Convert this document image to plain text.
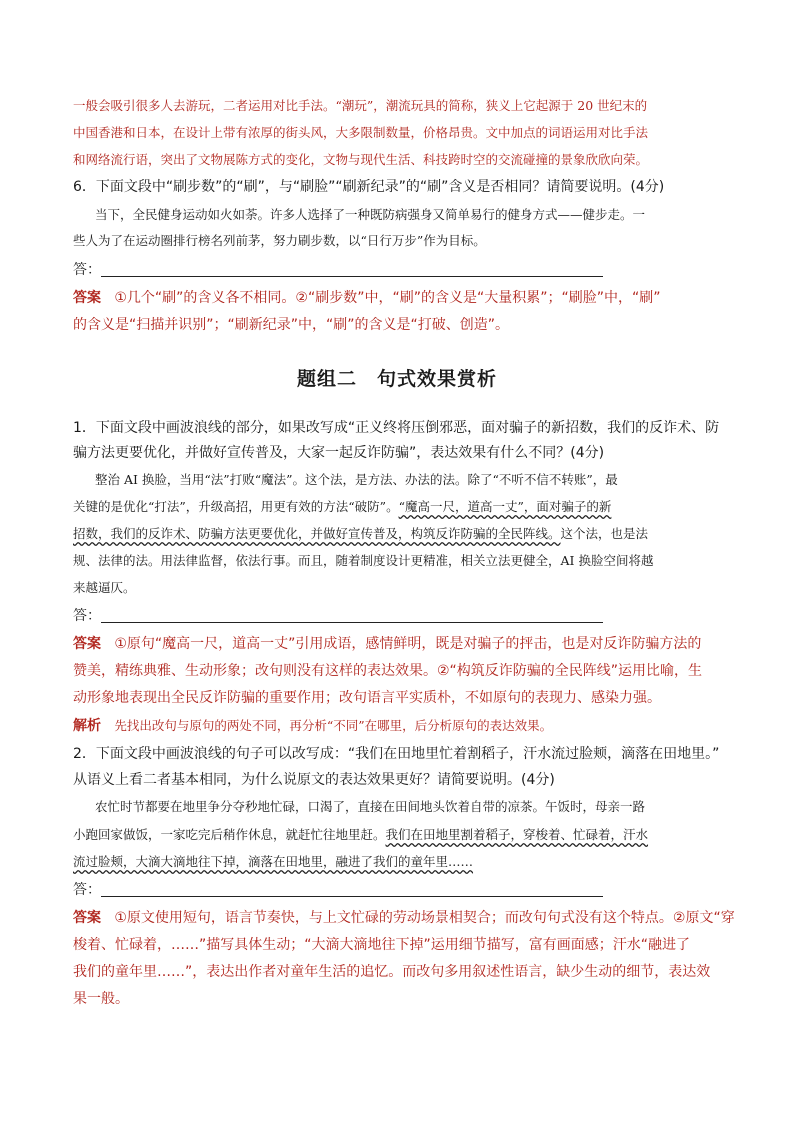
一般会吸引很多人去游玩，二者运用对比手法。“潮玩”，潮流玩具的简称，狭义上它起源于 20 世纪末的
中国香港和日本，在设计上带有浓厚的街头风，大多限制数量，价格昂贵。文中加点的词语运用对比手法
和网络流行语，突出了文物展陈方式的变化，文物与现代生活、科技跨时空的交流碰撞的景象欣欣向荣。
6．下面文段中“刷步数”的“刷”，与“刷脸”“刷新纪录”的“刷”含义是否相同？请简要说明。(4分)
当下，全民健身运动如火如荼。许多人选择了一种既防病强身又简单易行的健身方式——健步走。一
些人为了在运动圈排行榜名列前茅，努力刷步数，以“日行万步”作为目标。
答：
答案 ①几个“刷”的含义各不相同。②“刷步数”中，“刷”的含义是“大量积累”；“刷脸”中，“刷”
的含义是“扫描并识别”；“刷新纪录”中，“刷”的含义是“打破、创造”。
题组二　句式效果赏析
1．下面文段中画波浪线的部分，如果改写成“正义终将压倒邪恶，面对骗子的新招数，我们的反诈术、防
骗方法更要优化，并做好宣传普及，大家一起反诈防骗”，表达效果有什么不同？(4分)
整治 AI 换脸，当用“法”打败“魔法”。这个法，是方法、办法的法。除了“不听不信不转账”，最
关键的是优化“打法”，升级高招，用更有效的方法“破防”。“魔高一尺，道高一丈”，面对骗子的新
招数，我们的反诈术、防骗方法更要优化，并做好宣传普及，构筑反诈防骗的全民阵线。这个法，也是法
规、法律的法。用法律监督，依法行事。而且，随着制度设计更精准，相关立法更健全，AI 换脸空间将越
来越逼仄。
答：
答案 ①原句“魔高一尺，道高一丈”引用成语，感情鲜明，既是对骗子的抨击，也是对反诈防骗方法的
赞美，精练典雅、生动形象；改句则没有这样的表达效果。②“构筑反诈防骗的全民阵线”运用比喻，生
动形象地表现出全民反诈防骗的重要作用；改句语言平实质朴，不如原句的表现力、感染力强。
解析 先找出改句与原句的两处不同，再分析“不同”在哪里，后分析原句的表达效果。
2．下面文段中画波浪线的句子可以改写成：“我们在田地里忙着割稻子，汗水流过脸颊，滴落在田地里。”
从语义上看二者基本相同，为什么说原文的表达效果更好？请简要说明。(4分)
农忙时节都要在地里争分夺秒地忙碌，口渴了，直接在田间地头饮着自带的凉茶。午饭时，母亲一路
小跑回家做饭，一家吃完后稍作休息，就赶忙往地里赶。我们在田地里割着稻子，穿梭着、忙碌着，汗水
流过脸颊，大滴大滴地往下掉，滴落在田地里，融进了我们的童年里……
答：
答案 ①原文使用短句，语言节奏快，与上文忙碌的劳动场景相契合；而改句句式没有这个特点。②原文“穿
梭着、忙碌着，……”描写具体生动；“大滴大滴地往下掉”运用细节描写，富有画面感；汗水“融进了
我们的童年里……”，表达出作者对童年生活的追忆。而改句多用叙述性语言，缺少生动的细节，表达效
果一般。
